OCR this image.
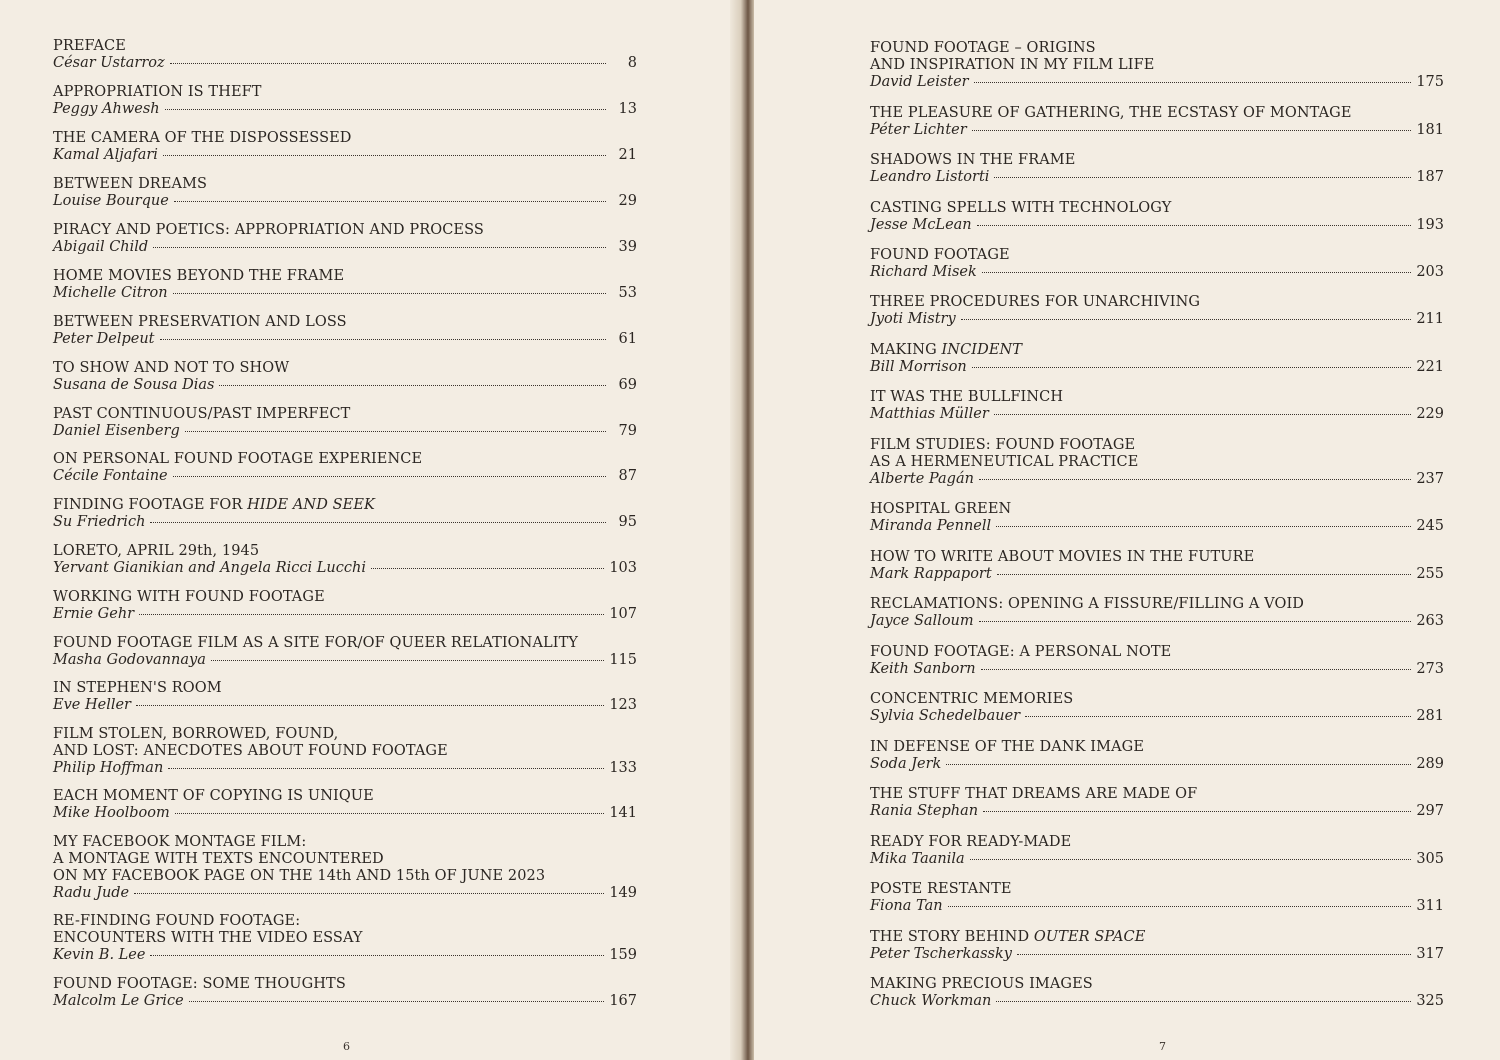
PREFACE
César Ustarroz	8
APPROPRIATION IS THEFT
Peggy Ahwesh	13
THE CAMERA OF THE DISPOSSESSED
Kamal Aljafari	21
BETWEEN DREAMS
Louise Bourque	29
PIRACY AND POETICS: APPROPRIATION AND PROCESS
Abigail Child	39
HOME MOVIES BEYOND THE FRAME
Michelle Citron	53
BETWEEN PRESERVATION AND LOSS
Peter Delpeut	61
TO SHOW AND NOT TO SHOW
Susana de Sousa Dias	69
PAST CONTINUOUS/PAST IMPERFECT
Daniel Eisenberg	79
ON PERSONAL FOUND FOOTAGE EXPERIENCE
Cécile Fontaine	87
FINDING FOOTAGE FOR HIDE AND SEEK
Su Friedrich	95
LORETO, APRIL 29th, 1945
Yervant Gianikian and Angela Ricci Lucchi	103
WORKING WITH FOUND FOOTAGE
Ernie Gehr	107
FOUND FOOTAGE FILM AS A SITE FOR/OF QUEER RELATIONALITY
Masha Godovannaya	115
IN STEPHEN'S ROOM
Eve Heller	123
FILM STOLEN, BORROWED, FOUND,
AND LOST: ANECDOTES ABOUT FOUND FOOTAGE
Philip Hoffman	133
EACH MOMENT OF COPYING IS UNIQUE
Mike Hoolboom	141
MY FACEBOOK MONTAGE FILM:
A MONTAGE WITH TEXTS ENCOUNTERED
ON MY FACEBOOK PAGE ON THE 14th AND 15th OF JUNE 2023
Radu Jude	149
RE-FINDING FOUND FOOTAGE:
ENCOUNTERS WITH THE VIDEO ESSAY
Kevin B. Lee	159
FOUND FOOTAGE: SOME THOUGHTS
Malcolm Le Grice	167
6
FOUND FOOTAGE – ORIGINS
AND INSPIRATION IN MY FILM LIFE
David Leister	175
THE PLEASURE OF GATHERING, THE ECSTASY OF MONTAGE
Péter Lichter	181
SHADOWS IN THE FRAME
Leandro Listorti	187
CASTING SPELLS WITH TECHNOLOGY
Jesse McLean	193
FOUND FOOTAGE
Richard Misek	203
THREE PROCEDURES FOR UNARCHIVING
Jyoti Mistry	211
MAKING INCIDENT
Bill Morrison	221
IT WAS THE BULLFINCH
Matthias Müller	229
FILM STUDIES: FOUND FOOTAGE
AS A HERMENEUTICAL PRACTICE
Alberte Pagán	237
HOSPITAL GREEN
Miranda Pennell	245
HOW TO WRITE ABOUT MOVIES IN THE FUTURE
Mark Rappaport	255
RECLAMATIONS: OPENING A FISSURE/FILLING A VOID
Jayce Salloum	263
FOUND FOOTAGE: A PERSONAL NOTE
Keith Sanborn	273
CONCENTRIC MEMORIES
Sylvia Schedelbauer	281
IN DEFENSE OF THE DANK IMAGE
Soda Jerk	289
THE STUFF THAT DREAMS ARE MADE OF
Rania Stephan	297
READY FOR READY-MADE
Mika Taanila	305
POSTE RESTANTE
Fiona Tan	311
THE STORY BEHIND OUTER SPACE
Peter Tscherkassky	317
MAKING PRECIOUS IMAGES
Chuck Workman	325
7
